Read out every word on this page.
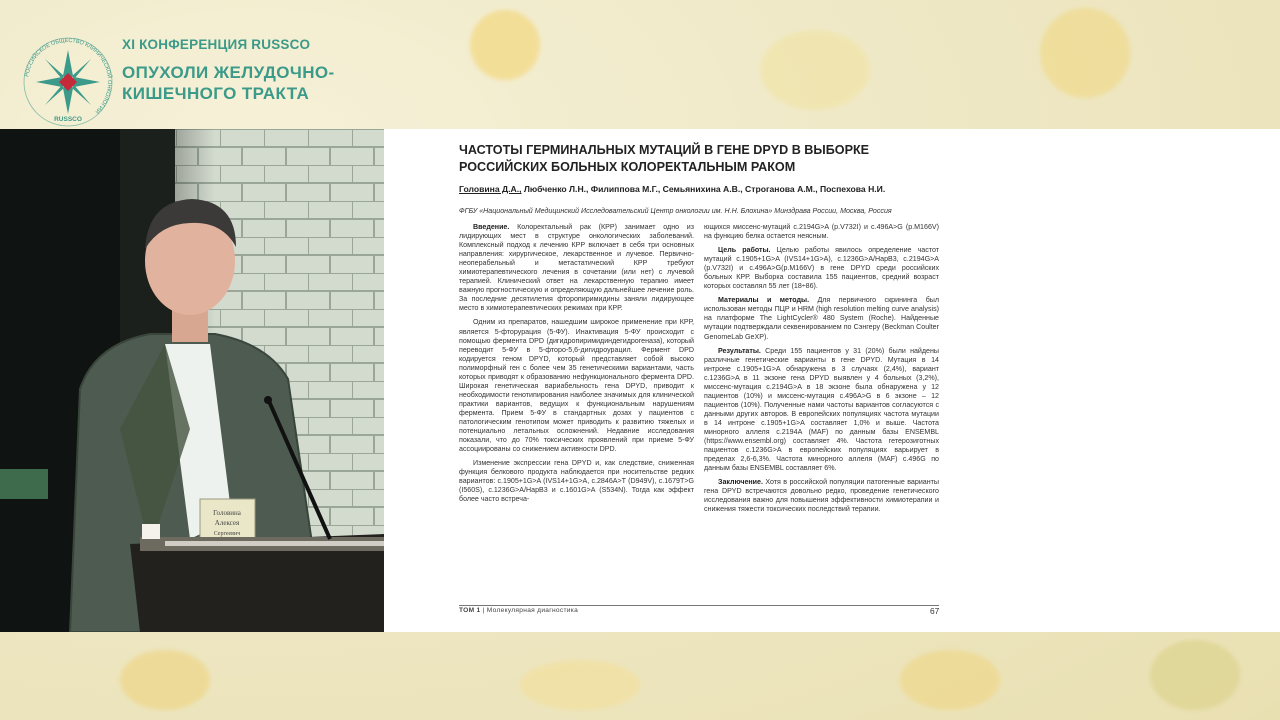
РОССИЙСКОЕ ОБЩЕСТВО КЛИНИЧЕСКОЙ ОНКОЛОГИИ
RUSSCO
XI КОНФЕРЕНЦИЯ RUSSCO
ОПУХОЛИ ЖЕЛУДОЧНО-
КИШЕЧНОГО ТРАКТА
Головина
Алексея
Сергеевич
ЧАСТОТЫ ГЕРМИНАЛЬНЫХ МУТАЦИЙ В ГЕНЕ DPYD В ВЫБОРКЕ
РОССИЙСКИХ БОЛЬНЫХ КОЛОРЕКТАЛЬНЫМ РАКОМ
Головина Д.А., Любченко Л.Н., Филиппова М.Г., Семьянихина А.В., Строганова А.М., Поспехова Н.И.
ФГБУ «Национальный Медицинский Исследовательский Центр онкологии им. Н.Н. Блохина» Минздрава России, Москва, Россия

Введение. Колоректальный рак (КРР) занимает одно из лидирующих мест в структуре онкологических заболеваний. Комплексный подход к лечению КРР включает в себя три основных направления: хирургическое, лекарственное и лучевое. Первично-неоперабельный и метастатический КРР требуют химиотерапевтического лечения в сочетании (или нет) с лучевой терапией. Клинический ответ на лекарственную терапию имеет важную прогностическую и определяющую дальнейшее лечение роль. За последние десятилетия фторопиримидины заняли лидирующее место в химиотерапевтических режимах при КРР.

Одним из препаратов, нашедшим широкое применение при КРР, является 5-фторурация (5-ФУ). Инактивация 5-ФУ происходит с помощью фермента DPD (дигидропиримидиндегидрогеназа), который переводит 5-ФУ в 5-фторо-5,6-дигидроурацил. Фермент DPD кодируется геном DPYD, который представляет собой высоко полиморфный ген с более чем 35 генетическими вариантами, часть которых приводят к образованию нефункционального фермента DPD. Широкая генетическая вариабельность гена DPYD, приводит к необходимости генотипирования наиболее значимых для клинической практики вариантов, ведущих к функциональным нарушениям фермента. Прием 5-ФУ в стандартных дозах у пациентов с патологическим генотипом может приводить к развитию тяжелых и потенциально летальных осложнений. Недавние исследования показали, что до 70% токсических проявлений при приеме 5-ФУ ассоциированы со снижением активности DPD.

Изменение экспрессии гена DPYD и, как следствие, сниженная функция белкового продукта наблюдается при носительстве редких вариантов: c.1905+1G>A (IVS14+1G>A, c.2846A>T (D949V), c.1679T>G (I560S), c.1236G>A/HapB3 и c.1601G>A (S534N). Тогда как эффект более часто встреча-

ющихся миссенс-мутаций c.2194G>A (p.V732I) и c.496A>G (p.M166V) на функцию белка остается неясным.

Цель работы. Целью работы явилось определение частот мутаций c.1905+1G>A (IVS14+1G>A), c.1236G>A/HapB3, c.2194G>A (p.V732I) и c.496A>G(p.M166V) в гене DPYD среди российских больных КРР. Выборка составила 155 пациентов, средний возраст которых составлял 55 лет (18÷86).

Материалы и методы. Для первичного скрининга был использован методы ПЦР и HRM (high resolution melting curve analysis) на платформе The LightCycler® 480 System (Roche). Найденные мутации подтверждали секвенированием по Сэнгеру (Beckman Coulter GenomeLab GeXP).

Результаты. Среди 155 пациентов у 31 (20%) были найдены различные генетические варианты в гене DPYD. Мутация в 14 интроне c.1905+1G>A обнаружена в 3 случаях (2,4%), вариант c.1236G>A в 11 экзоне гена DPYD выявлен у 4 больных (3,2%), миссенс-мутация c.2194G>A в 18 экзоне была обнаружена у 12 пациентов (10%) и миссенс-мутация c.496A>G в 6 экзоне – 12 пациентов (10%). Полученные нами частоты вариантов согласуются с данными других авторов. В европейских популяциях частота мутации в 14 интроне c.1905+1G>A составляет 1,0% и выше. Частота минорного аллеля c.2194A (MAF) по данным базы ENSEMBL (https://www.ensembl.org) составляет 4%. Частота гетерозиготных пациентов c.1236G>A в европейских популяциях варьирует в пределах 2,6-6,3%. Частота минорного аллеля (MAF) c.496G по данным базы ENSEMBL составляет 6%.

Заключение. Хотя в российской популяции патогенные варианты гена DPYD встречаются довольно редко, проведение генетического исследования важно для повышения эффективности химиотерапии и снижения тяжести токсических последствий терапии.

ТОМ 1 | Молекулярная диагностика	67
